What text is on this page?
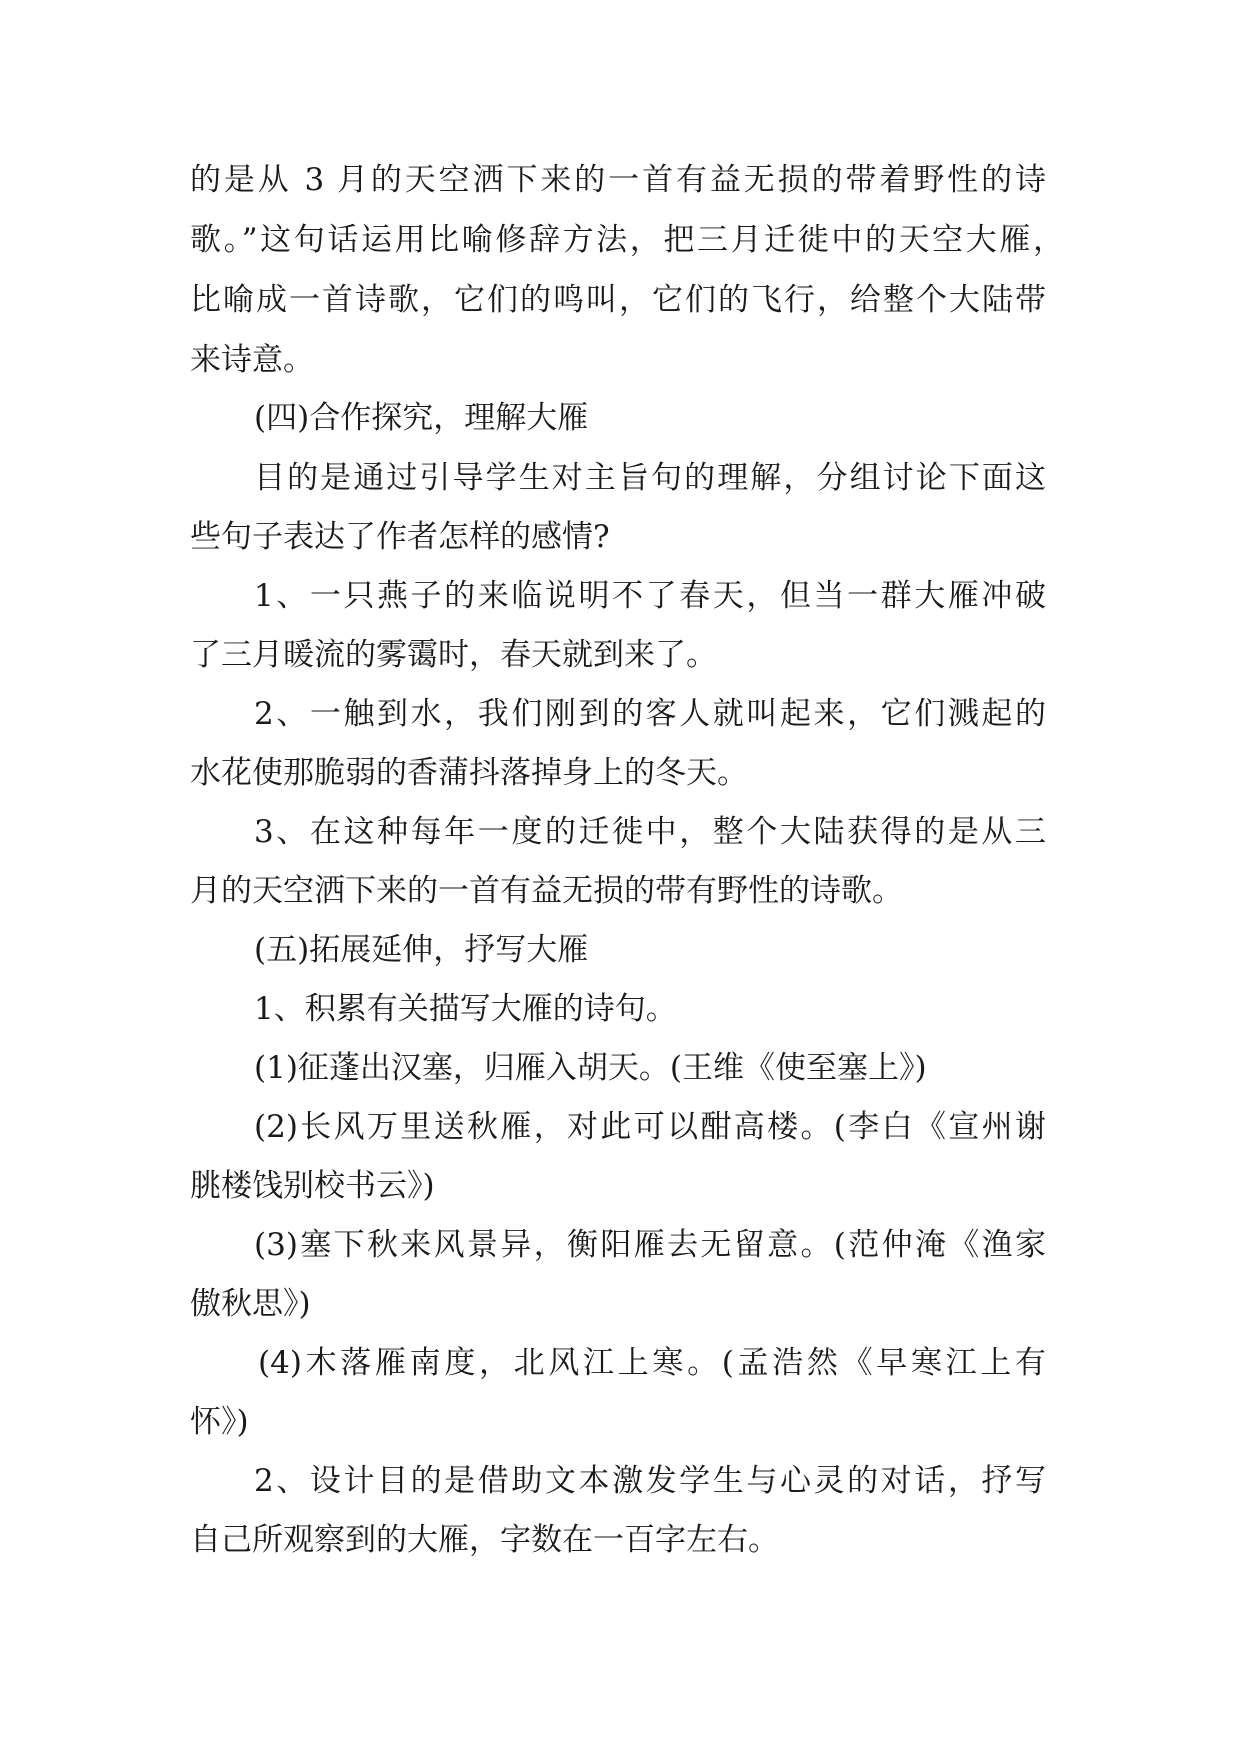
的是从 3 月的天空洒下来的一首有益无损的带着野性的诗
歌。”这句话运用比喻修辞方法，把三月迁徙中的天空大雁，
比喻成一首诗歌，它们的鸣叫，它们的飞行，给整个大陆带
来诗意。
(四)合作探究，理解大雁
目的是通过引导学生对主旨句的理解，分组讨论下面这
些句子表达了作者怎样的感情?
1、一只燕子的来临说明不了春天，但当一群大雁冲破
了三月暖流的雾霭时，春天就到来了。
2、一触到水，我们刚到的客人就叫起来，它们溅起的
水花使那脆弱的香蒲抖落掉身上的冬天。
3、在这种每年一度的迁徙中，整个大陆获得的是从三
月的天空洒下来的一首有益无损的带有野性的诗歌。
(五)拓展延伸，抒写大雁
1、积累有关描写大雁的诗句。
(1)征蓬出汉塞，归雁入胡天。(王维《使至塞上》)
(2)长风万里送秋雁，对此可以酣高楼。(李白《宣州谢
朓楼饯别校书云》)
(3)塞下秋来风景异，衡阳雁去无留意。(范仲淹《渔家
傲秋思》)
(4)木落雁南度，北风江上寒。(孟浩然《早寒江上有
怀》)
2、设计目的是借助文本激发学生与心灵的对话，抒写
自己所观察到的大雁，字数在一百字左右。
